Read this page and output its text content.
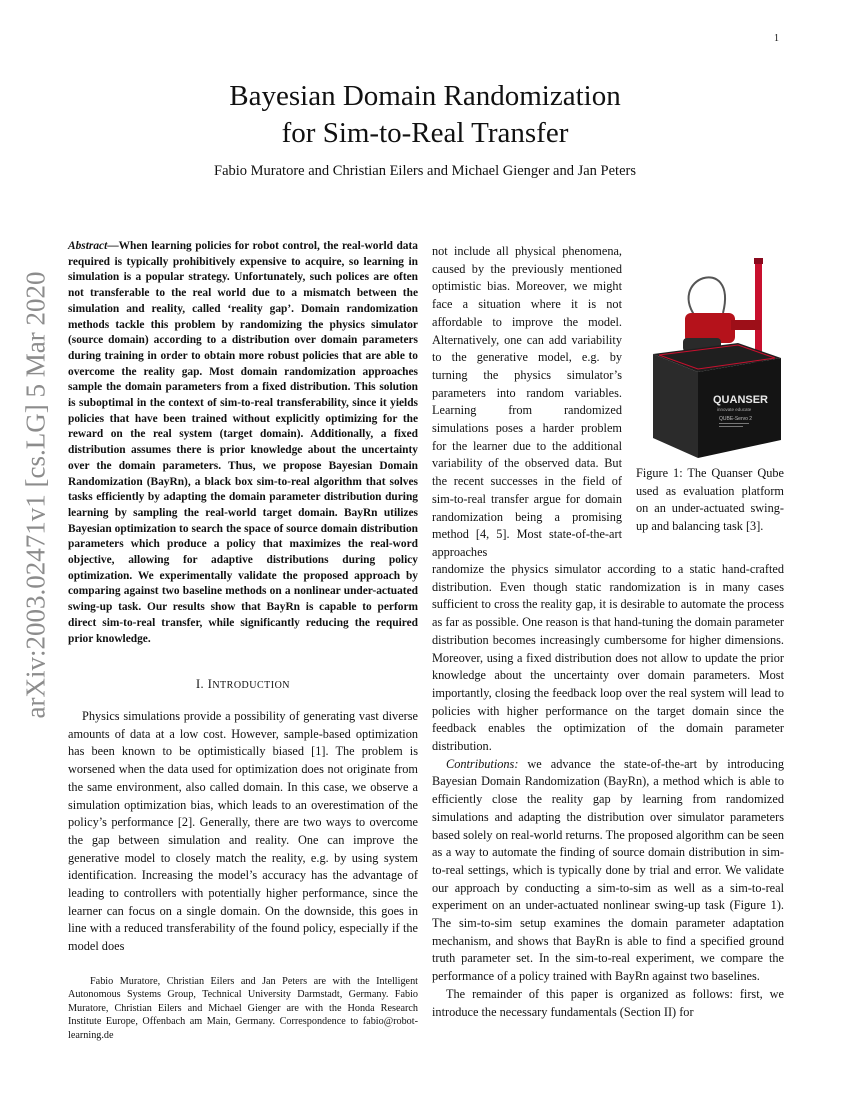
1
arXiv:2003.02471v1 [cs.LG] 5 Mar 2020
Bayesian Domain Randomization
for Sim-to-Real Transfer
Fabio Muratore and Christian Eilers and Michael Gienger and Jan Peters

Abstract—When learning policies for robot control, the real-world data required is typically prohibitively expensive to acquire, so learning in simulation is a popular strategy. Unfortunately, such polices are often not transferable to the real world due to a mismatch between the simulation and reality, called ‘reality gap’. Domain randomization methods tackle this problem by randomizing the physics simulator (source domain) according to a distribution over domain parameters during training in order to obtain more robust policies that are able to overcome the reality gap. Most domain randomization approaches sample the domain parameters from a fixed distribution. This solution is suboptimal in the context of sim-to-real transferability, since it yields policies that have been trained without explicitly optimizing for the reward on the real system (target domain). Additionally, a fixed distribution assumes there is prior knowledge about the uncertainty over the domain parameters. Thus, we propose Bayesian Domain Randomization (BayRn), a black box sim-to-real algorithm that solves tasks efficiently by adapting the domain parameter distribution during learning by sampling the real-world target domain. BayRn utilizes Bayesian optimization to search the space of source domain distribution parameters which produce a policy that maximizes the real-word objective, allowing for adaptive distributions during policy optimization. We experimentally validate the proposed approach by comparing against two baseline methods on a nonlinear under-actuated swing-up task. Our results show that BayRn is capable to perform direct sim-to-real transfer, while significantly reducing the required prior knowledge.

I. INTRODUCTION

Physics simulations provide a possibility of generating vast diverse amounts of data at a low cost. However, sample-based optimization has been known to be optimistically biased [1]. The problem is worsened when the data used for optimization does not originate from the same environment, also called domain. In this case, we observe a simulation optimization bias, which leads to an overestimation of the policy’s performance [2]. Generally, there are two ways to overcome the gap between simulation and reality. One can improve the generative model to closely match the reality, e.g. by using system identification. Increasing the model’s accuracy has the advantage of leading to controllers with potentially higher performance, since the learner can focus on a single domain. On the downside, this goes in line with a reduced transferability of the found policy, especially if the model does

Fabio Muratore, Christian Eilers and Jan Peters are with the Intelligent Autonomous Systems Group, Technical University Darmstadt, Germany. Fabio Muratore, Christian Eilers and Michael Gienger are with the Honda Research Institute Europe, Offenbach am Main, Germany. Correspondence to fabio@robot-learning.de

not include all physical phenomena, caused by the previously mentioned optimistic bias. Moreover, we might face a situation where it is not affordable to improve the model. Alternatively, one can add variability to the generative model, e.g. by turning the physics simulator’s parameters into random variables. Learning from randomized simulations poses a harder problem for the learner due to the additional variability of the observed data. But the recent successes in the field of sim-to-real transfer argue for domain randomization being a promising method [4, 5]. Most state-of-the-art approaches

QUANSER
innovate educate
QUBE-Servo 2

Figure 1: The Quanser Qube used as evaluation platform on an under-actuated swing-up and balancing task [3].

randomize the physics simulator according to a static hand-crafted distribution. Even though static randomization is in many cases sufficient to cross the reality gap, it is desirable to automate the process as far as possible. One reason is that hand-tuning the domain parameter distribution becomes increasingly cumbersome for higher dimensions. Moreover, using a fixed distribution does not allow to update the prior knowledge about the uncertainty over domain parameters. Most importantly, closing the feedback loop over the real system will lead to policies with higher performance on the target domain since the feedback enables the optimization of the domain parameter distribution.

Contributions: we advance the state-of-the-art by introducing Bayesian Domain Randomization (BayRn), a method which is able to efficiently close the reality gap by learning from randomized simulations and adapting the distribution over simulator parameters based solely on real-world returns. The proposed algorithm can be seen as a way to automate the finding of source domain distribution in sim-to-real settings, which is typically done by trial and error. We validate our approach by conducting a sim-to-sim as well as a sim-to-real experiment on an under-actuated nonlinear swing-up task (Figure 1). The sim-to-sim setup examines the domain parameter adaptation mechanism, and shows that BayRn is able to find a specified ground truth parameter set. In the sim-to-real experiment, we compare the performance of a policy trained with BayRn against two baselines.

The remainder of this paper is organized as follows: first, we introduce the necessary fundamentals (Section II) for
